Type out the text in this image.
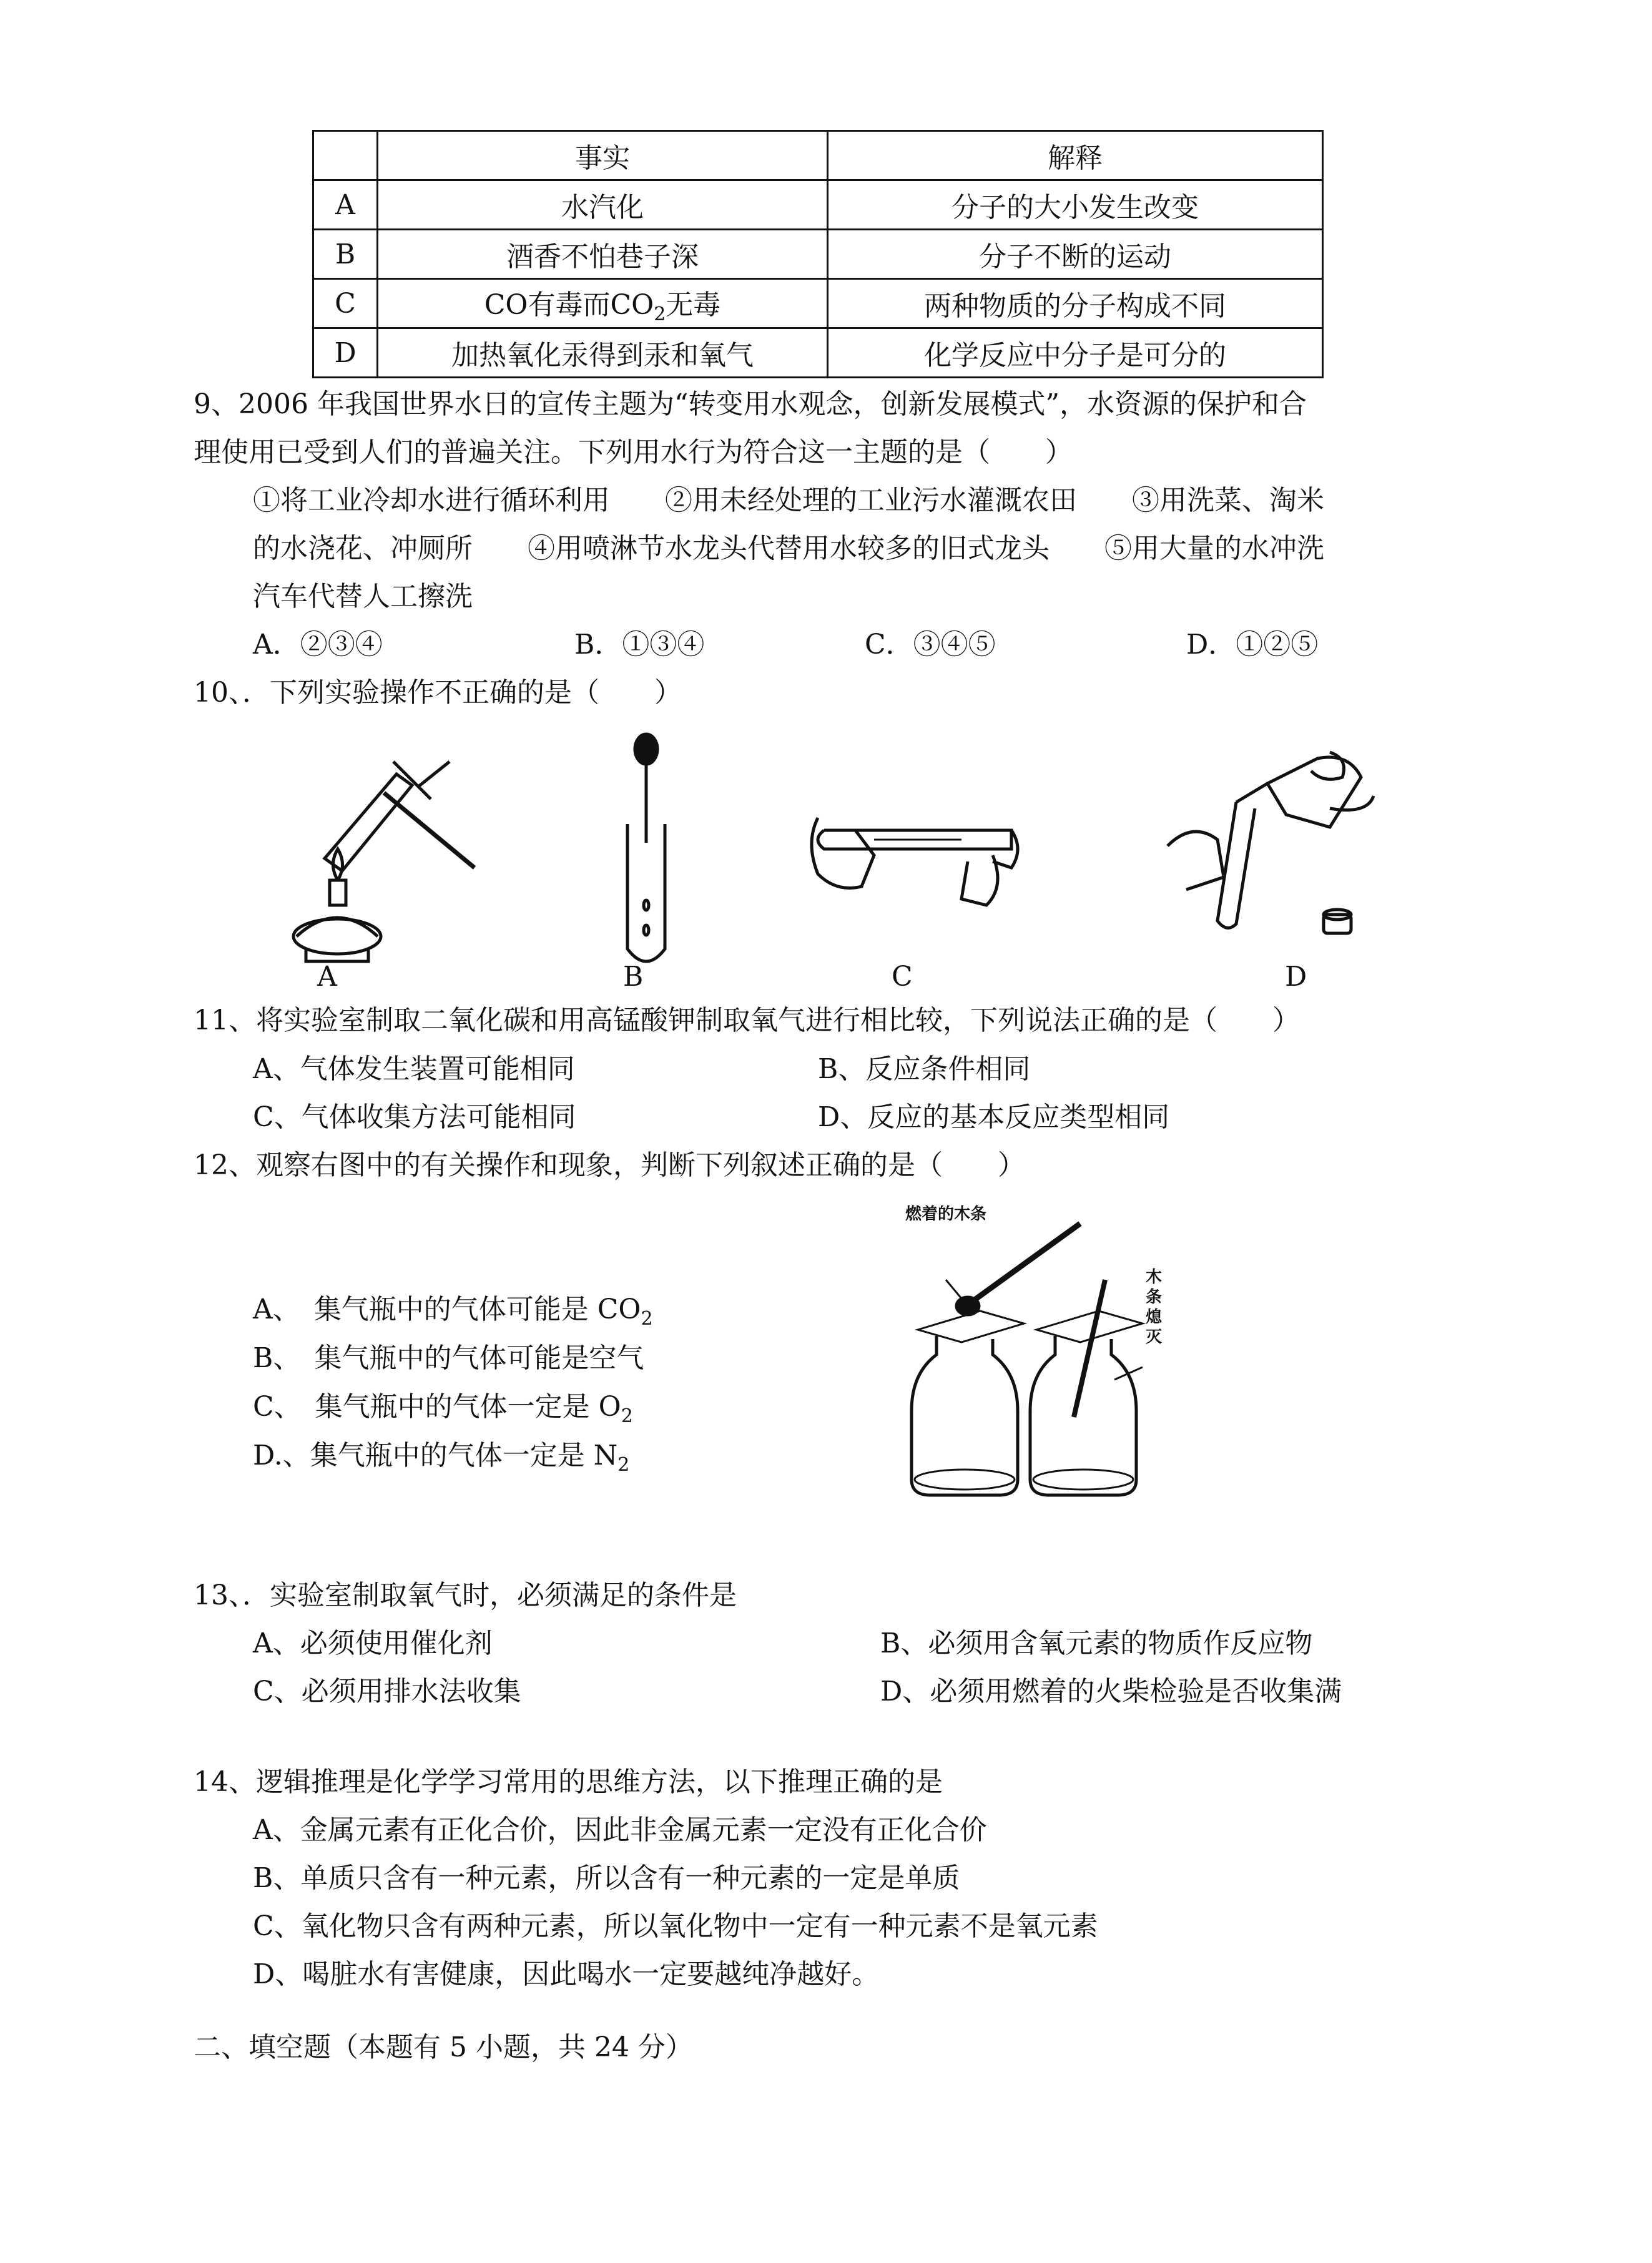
	事实	解释
A	水汽化	分子的大小发生改变
B	酒香不怕巷子深	分子不断的运动
C	CO有毒而$CO_2$无毒	两种物质的分子构成不同
D	加热氧化汞得到汞和氧气	化学反应中分子是可分的
9、2006 年我国世界水日的宣传主题为“转变用水观念，创新发展模式”，水资源的保护和合
理使用已受到人们的普遍关注。下列用水行为符合这一主题的是（　　）
①将工业冷却水进行循环利用　　②用未经处理的工业污水灌溉农田　　③用洗菜、淘米
的水浇花、冲厕所　　④用喷淋节水龙头代替用水较多的旧式龙头　　⑤用大量的水冲洗
汽车代替人工擦洗
A．②③④	B．①③④	C．③④⑤	D．①②⑤
10、．下列实验操作不正确的是（　　）
A	B	C	D
11、将实验室制取二氧化碳和用高锰酸钾制取氧气进行相比较，下列说法正确的是（　　）
A、气体发生装置可能相同	B、反应条件相同
C、气体收集方法可能相同	D、反应的基本反应类型相同
12、观察右图中的有关操作和现象，判断下列叙述正确的是（　　）
A、　集气瓶中的气体可能是 $CO_2$
B、　集气瓶中的气体可能是空气
C、　集气瓶中的气体一定是 $O_2$
D.、集气瓶中的气体一定是 $N_2$
燃着的木条
木条熄灭
13、．实验室制取氧气时，必须满足的条件是
A、必须使用催化剂	B、必须用含氧元素的物质作反应物
C、必须用排水法收集	D、必须用燃着的火柴检验是否收集满
14、逻辑推理是化学学习常用的思维方法，以下推理正确的是
A、金属元素有正化合价，因此非金属元素一定没有正化合价
B、单质只含有一种元素，所以含有一种元素的一定是单质
C、氧化物只含有两种元素，所以氧化物中一定有一种元素不是氧元素
D、喝脏水有害健康，因此喝水一定要越纯净越好。
二、填空题（本题有 5 小题，共 24 分）
